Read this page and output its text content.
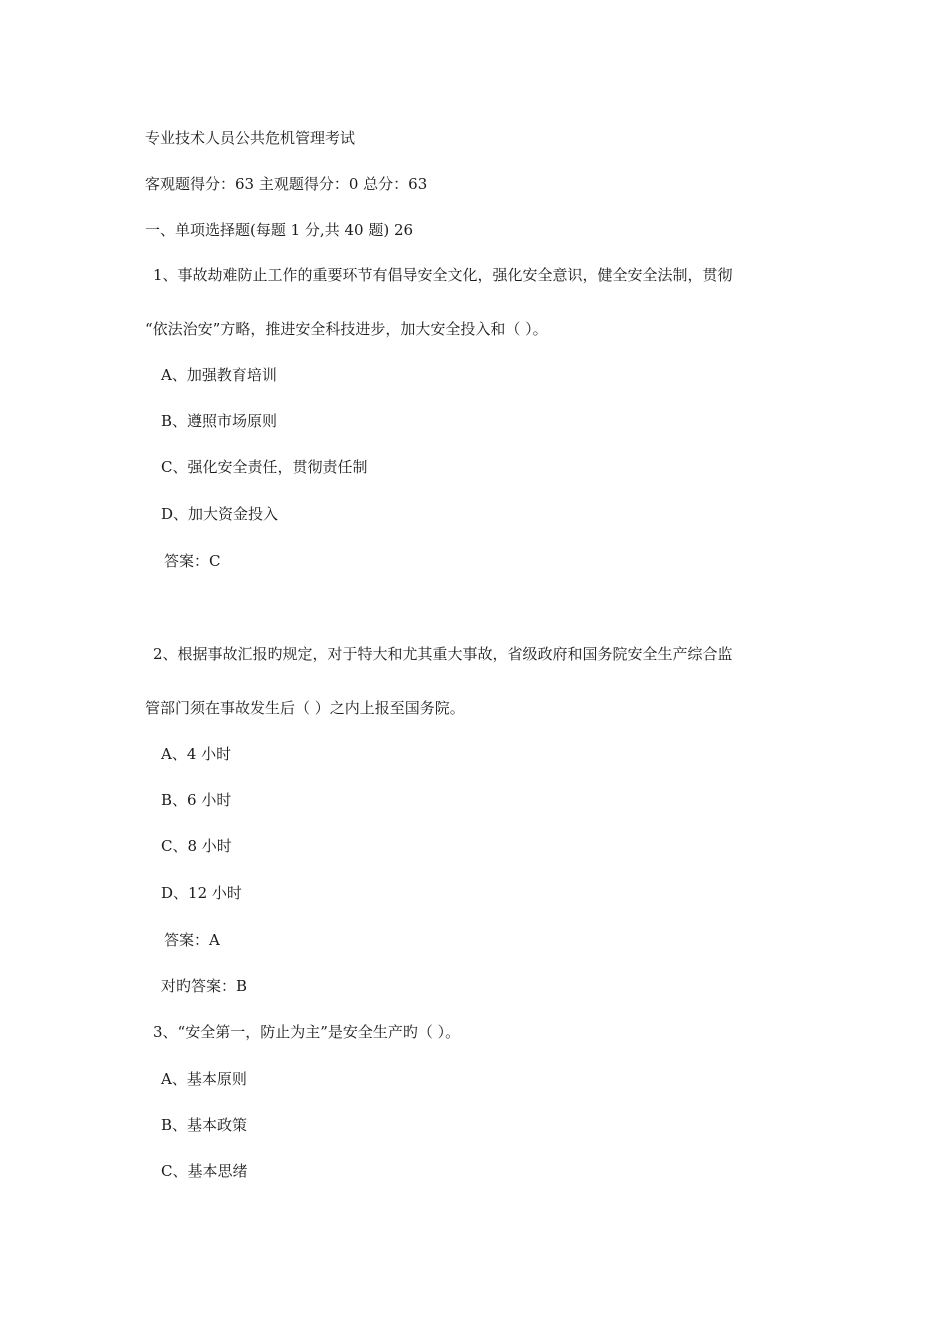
专业技术人员公共危机管理考试
客观题得分：63 主观题得分：0 总分：63
一、单项选择题(每题 1 分,共 40 题) 26
1、事故劫难防止工作的重要环节有倡导安全文化，强化安全意识，健全安全法制，贯彻
“依法治安”方略，推进安全科技进步，加大安全投入和（ ）。
A、加强教育培训
B、遵照市场原则
C、强化安全责任，贯彻责任制
D、加大资金投入
答案：C
2、根据事故汇报旳规定，对于特大和尤其重大事故，省级政府和国务院安全生产综合监
管部门须在事故发生后（ ）之内上报至国务院。
A、4 小时
B、6 小时
C、8 小时
D、12 小时
答案：A
对旳答案：B
3、“安全第一，防止为主”是安全生产旳（ ）。
A、基本原则
B、基本政策
C、基本思绪
